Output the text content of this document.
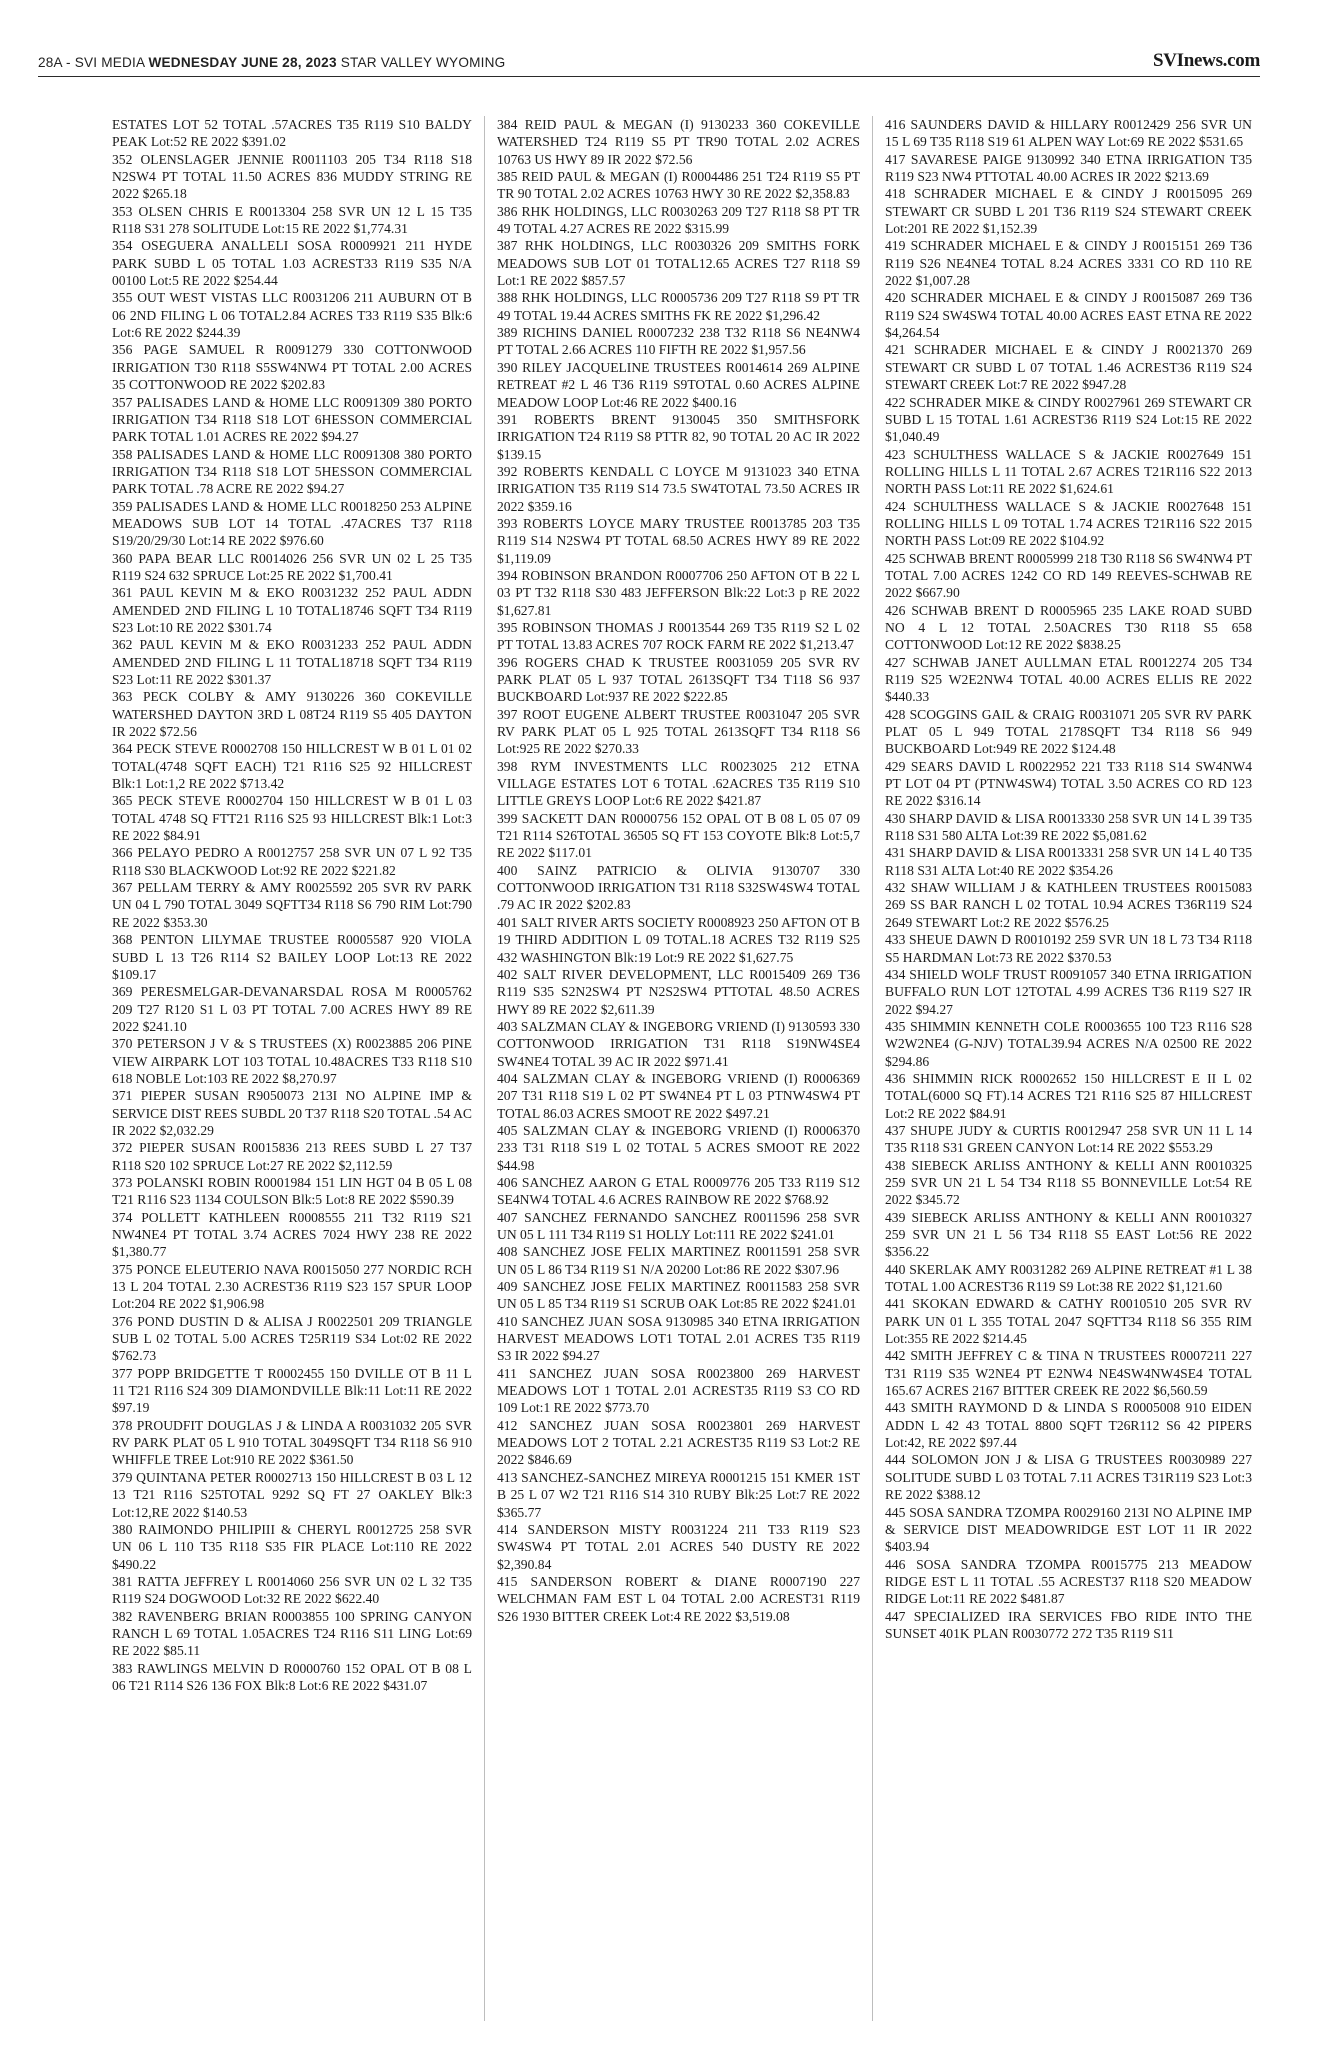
28A - SVI MEDIA WEDNESDAY JUNE 28, 2023 STAR VALLEY WYOMING	SVInews.com

ESTATES LOT 52 TOTAL .57ACRES T35 R119 S10 BALDY PEAK Lot:52 RE 2022 $391.02

352 OLENSLAGER JENNIE R0011103 205 T34 R118 S18 N2SW4 PT TOTAL 11.50 ACRES 836 MUDDY STRING RE 2022 $265.18

353 OLSEN CHRIS E R0013304 258 SVR UN 12 L 15 T35 R118 S31 278 SOLITUDE Lot:15 RE 2022 $1,774.31

354 OSEGUERA ANALLELI SOSA R0009921 211 HYDE PARK SUBD L 05 TOTAL 1.03 ACREST33 R119 S35 N/A 00100 Lot:5 RE 2022 $254.44

355 OUT WEST VISTAS LLC R0031206 211 AUBURN OT B 06 2ND FILING L 06 TOTAL2.84 ACRES T33 R119 S35 Blk:6 Lot:6 RE 2022 $244.39

356 PAGE SAMUEL R R0091279 330 COTTONWOOD IRRIGATION T30 R118 S5SW4NW4 PT TOTAL 2.00 ACRES 35 COTTONWOOD RE 2022 $202.83

357 PALISADES LAND & HOME LLC R0091309 380 PORTO IRRIGATION T34 R118 S18 LOT 6HESSON COMMERCIAL PARK TOTAL 1.01 ACRES RE 2022 $94.27

358 PALISADES LAND & HOME LLC R0091308 380 PORTO IRRIGATION T34 R118 S18 LOT 5HESSON COMMERCIAL PARK TOTAL .78 ACRE RE 2022 $94.27

359 PALISADES LAND & HOME LLC R0018250 253 ALPINE MEADOWS SUB LOT 14 TOTAL .47ACRES T37 R118 S19/20/29/30 Lot:14 RE 2022 $976.60

360 PAPA BEAR LLC R0014026 256 SVR UN 02 L 25 T35 R119 S24 632 SPRUCE Lot:25 RE 2022 $1,700.41

361 PAUL KEVIN M & EKO R0031232 252 PAUL ADDN AMENDED 2ND FILING L 10 TOTAL18746 SQFT T34 R119 S23 Lot:10 RE 2022 $301.74

362 PAUL KEVIN M & EKO R0031233 252 PAUL ADDN AMENDED 2ND FILING L 11 TOTAL18718 SQFT T34 R119 S23 Lot:11 RE 2022 $301.37

363 PECK COLBY & AMY 9130226 360 COKEVILLE WATERSHED DAYTON 3RD L 08T24 R119 S5 405 DAYTON IR 2022 $72.56

364 PECK STEVE R0002708 150 HILLCREST W B 01 L 01 02 TOTAL(4748 SQFT EACH) T21 R116 S25 92 HILLCREST Blk:1 Lot:1,2 RE 2022 $713.42

365 PECK STEVE R0002704 150 HILLCREST W B 01 L 03 TOTAL 4748 SQ FTT21 R116 S25 93 HILLCREST Blk:1 Lot:3 RE 2022 $84.91

366 PELAYO PEDRO A R0012757 258 SVR UN 07 L 92 T35 R118 S30 BLACKWOOD Lot:92 RE 2022 $221.82

367 PELLAM TERRY & AMY R0025592 205 SVR RV PARK UN 04 L 790 TOTAL 3049 SQFTT34 R118 S6 790 RIM Lot:790 RE 2022 $353.30

368 PENTON LILYMAE TRUSTEE R0005587 920 VIOLA SUBD L 13 T26 R114 S2 BAILEY LOOP Lot:13 RE 2022 $109.17

369 PERESMELGAR-DEVANARSDAL ROSA M R0005762 209 T27 R120 S1 L 03 PT TOTAL 7.00 ACRES HWY 89 RE 2022 $241.10

370 PETERSON J V & S TRUSTEES (X) R0023885 206 PINE VIEW AIRPARK LOT 103 TOTAL 10.48ACRES T33 R118 S10 618 NOBLE Lot:103 RE 2022 $8,270.97

371 PIEPER SUSAN R9050073 213I NO ALPINE IMP & SERVICE DIST REES SUBDL 20 T37 R118 S20 TOTAL .54 AC IR 2022 $2,032.29

372 PIEPER SUSAN R0015836 213 REES SUBD L 27 T37 R118 S20 102 SPRUCE Lot:27 RE 2022 $2,112.59

373 POLANSKI ROBIN R0001984 151 LIN HGT 04 B 05 L 08 T21 R116 S23 1134 COULSON Blk:5 Lot:8 RE 2022 $590.39

374 POLLETT KATHLEEN R0008555 211 T32 R119 S21 NW4NE4 PT TOTAL 3.74 ACRES 7024 HWY 238 RE 2022 $1,380.77

375 PONCE ELEUTERIO NAVA R0015050 277 NORDIC RCH 13 L 204 TOTAL 2.30 ACREST36 R119 S23 157 SPUR LOOP Lot:204 RE 2022 $1,906.98

376 POND DUSTIN D & ALISA J R0022501 209 TRIANGLE SUB L 02 TOTAL 5.00 ACRES T25R119 S34 Lot:02 RE 2022 $762.73

377 POPP BRIDGETTE T R0002455 150 DVILLE OT B 11 L 11 T21 R116 S24 309 DIAMONDVILLE Blk:11 Lot:11 RE 2022 $97.19

378 PROUDFIT DOUGLAS J & LINDA A R0031032 205 SVR RV PARK PLAT 05 L 910 TOTAL 3049SQFT T34 R118 S6 910 WHIFFLE TREE Lot:910 RE 2022 $361.50

379 QUINTANA PETER R0002713 150 HILLCREST B 03 L 12 13 T21 R116 S25TOTAL 9292 SQ FT 27 OAKLEY Blk:3 Lot:12,RE 2022 $140.53

380 RAIMONDO PHILIPIII & CHERYL R0012725 258 SVR UN 06 L 110 T35 R118 S35 FIR PLACE Lot:110 RE 2022 $490.22

381 RATTA JEFFREY L R0014060 256 SVR UN 02 L 32 T35 R119 S24 DOGWOOD Lot:32 RE 2022 $622.40

382 RAVENBERG BRIAN R0003855 100 SPRING CANYON RANCH L 69 TOTAL 1.05ACRES T24 R116 S11 LING Lot:69 RE 2022 $85.11

383 RAWLINGS MELVIN D R0000760 152 OPAL OT B 08 L 06 T21 R114 S26 136 FOX Blk:8 Lot:6 RE 2022 $431.07

384 REID PAUL & MEGAN (I) 9130233 360 COKEVILLE WATERSHED T24 R119 S5 PT TR90 TOTAL 2.02 ACRES 10763 US HWY 89 IR 2022 $72.56

385 REID PAUL & MEGAN (I) R0004486 251 T24 R119 S5 PT TR 90 TOTAL 2.02 ACRES 10763 HWY 30 RE 2022 $2,358.83

386 RHK HOLDINGS, LLC R0030263 209 T27 R118 S8 PT TR 49 TOTAL 4.27 ACRES RE 2022 $315.99

387 RHK HOLDINGS, LLC R0030326 209 SMITHS FORK MEADOWS SUB LOT 01 TOTAL12.65 ACRES T27 R118 S9 Lot:1 RE 2022 $857.57

388 RHK HOLDINGS, LLC R0005736 209 T27 R118 S9 PT TR 49 TOTAL 19.44 ACRES SMITHS FK RE 2022 $1,296.42

389 RICHINS DANIEL R0007232 238 T32 R118 S6 NE4NW4 PT TOTAL 2.66 ACRES 110 FIFTH RE 2022 $1,957.56

390 RILEY JACQUELINE TRUSTEES R0014614 269 ALPINE RETREAT #2 L 46 T36 R119 S9TOTAL 0.60 ACRES ALPINE MEADOW LOOP Lot:46 RE 2022 $400.16

391 ROBERTS BRENT 9130045 350 SMITHSFORK IRRIGATION T24 R119 S8 PTTR 82, 90 TOTAL 20 AC IR 2022 $139.15

392 ROBERTS KENDALL C LOYCE M 9131023 340 ETNA IRRIGATION T35 R119 S14 73.5 SW4TOTAL 73.50 ACRES IR 2022 $359.16

393 ROBERTS LOYCE MARY TRUSTEE R0013785 203 T35 R119 S14 N2SW4 PT TOTAL 68.50 ACRES HWY 89 RE 2022 $1,119.09

394 ROBINSON BRANDON R0007706 250 AFTON OT B 22 L 03 PT T32 R118 S30 483 JEFFERSON Blk:22 Lot:3 p RE 2022 $1,627.81

395 ROBINSON THOMAS J R0013544 269 T35 R119 S2 L 02 PT TOTAL 13.83 ACRES 707 ROCK FARM RE 2022 $1,213.47

396 ROGERS CHAD K TRUSTEE R0031059 205 SVR RV PARK PLAT 05 L 937 TOTAL 2613SQFT T34 T118 S6 937 BUCKBOARD Lot:937 RE 2022 $222.85

397 ROOT EUGENE ALBERT TRUSTEE R0031047 205 SVR RV PARK PLAT 05 L 925 TOTAL 2613SQFT T34 R118 S6 Lot:925 RE 2022 $270.33

398 RYM INVESTMENTS LLC R0023025 212 ETNA VILLAGE ESTATES LOT 6 TOTAL .62ACRES T35 R119 S10 LITTLE GREYS LOOP Lot:6 RE 2022 $421.87

399 SACKETT DAN R0000756 152 OPAL OT B 08 L 05 07 09 T21 R114 S26TOTAL 36505 SQ FT 153 COYOTE Blk:8 Lot:5,7 RE 2022 $117.01

400 SAINZ PATRICIO & OLIVIA 9130707 330 COTTONWOOD IRRIGATION T31 R118 S32SW4SW4 TOTAL .79 AC IR 2022 $202.83

401 SALT RIVER ARTS SOCIETY R0008923 250 AFTON OT B 19 THIRD ADDITION L 09 TOTAL.18 ACRES T32 R119 S25 432 WASHINGTON Blk:19 Lot:9 RE 2022 $1,627.75

402 SALT RIVER DEVELOPMENT, LLC R0015409 269 T36 R119 S35 S2N2SW4 PT N2S2SW4 PTTOTAL 48.50 ACRES HWY 89 RE 2022 $2,611.39

403 SALZMAN CLAY & INGEBORG VRIEND (I) 9130593 330 COTTONWOOD IRRIGATION T31 R118 S19NW4SE4 SW4NE4 TOTAL 39 AC IR 2022 $971.41

404 SALZMAN CLAY & INGEBORG VRIEND (I) R0006369 207 T31 R118 S19 L 02 PT SW4NE4 PT L 03 PTNW4SW4 PT TOTAL 86.03 ACRES SMOOT RE 2022 $497.21

405 SALZMAN CLAY & INGEBORG VRIEND (I) R0006370 233 T31 R118 S19 L 02 TOTAL 5 ACRES SMOOT RE 2022 $44.98

406 SANCHEZ AARON G ETAL R0009776 205 T33 R119 S12 SE4NW4 TOTAL 4.6 ACRES RAINBOW RE 2022 $768.92

407 SANCHEZ FERNANDO SANCHEZ R0011596 258 SVR UN 05 L 111 T34 R119 S1 HOLLY Lot:111 RE 2022 $241.01

408 SANCHEZ JOSE FELIX MARTINEZ R0011591 258 SVR UN 05 L 86 T34 R119 S1 N/A 20200 Lot:86 RE 2022 $307.96

409 SANCHEZ JOSE FELIX MARTINEZ R0011583 258 SVR UN 05 L 85 T34 R119 S1 SCRUB OAK Lot:85 RE 2022 $241.01

410 SANCHEZ JUAN SOSA 9130985 340 ETNA IRRIGATION HARVEST MEADOWS LOT1 TOTAL 2.01 ACRES T35 R119 S3 IR 2022 $94.27

411 SANCHEZ JUAN SOSA R0023800 269 HARVEST MEADOWS LOT 1 TOTAL 2.01 ACREST35 R119 S3 CO RD 109 Lot:1 RE 2022 $773.70

412 SANCHEZ JUAN SOSA R0023801 269 HARVEST MEADOWS LOT 2 TOTAL 2.21 ACREST35 R119 S3 Lot:2 RE 2022 $846.69

413 SANCHEZ-SANCHEZ MIREYA R0001215 151 KMER 1ST B 25 L 07 W2 T21 R116 S14 310 RUBY Blk:25 Lot:7 RE 2022 $365.77

414 SANDERSON MISTY R0031224 211 T33 R119 S23 SW4SW4 PT TOTAL 2.01 ACRES 540 DUSTY RE 2022 $2,390.84

415 SANDERSON ROBERT & DIANE R0007190 227 WELCHMAN FAM EST L 04 TOTAL 2.00 ACREST31 R119 S26 1930 BITTER CREEK Lot:4 RE 2022 $3,519.08

416 SAUNDERS DAVID & HILLARY R0012429 256 SVR UN 15 L 69 T35 R118 S19 61 ALPEN WAY Lot:69 RE 2022 $531.65

417 SAVARESE PAIGE 9130992 340 ETNA IRRIGATION T35 R119 S23 NW4 PTTOTAL 40.00 ACRES IR 2022 $213.69

418 SCHRADER MICHAEL E & CINDY J R0015095 269 STEWART CR SUBD L 201 T36 R119 S24 STEWART CREEK Lot:201 RE 2022 $1,152.39

419 SCHRADER MICHAEL E & CINDY J R0015151 269 T36 R119 S26 NE4NE4 TOTAL 8.24 ACRES 3331 CO RD 110 RE 2022 $1,007.28

420 SCHRADER MICHAEL E & CINDY J R0015087 269 T36 R119 S24 SW4SW4 TOTAL 40.00 ACRES EAST ETNA RE 2022 $4,264.54

421 SCHRADER MICHAEL E & CINDY J R0021370 269 STEWART CR SUBD L 07 TOTAL 1.46 ACREST36 R119 S24 STEWART CREEK Lot:7 RE 2022 $947.28

422 SCHRADER MIKE & CINDY R0027961 269 STEWART CR SUBD L 15 TOTAL 1.61 ACREST36 R119 S24 Lot:15 RE 2022 $1,040.49

423 SCHULTHESS WALLACE S & JACKIE R0027649 151 ROLLING HILLS L 11 TOTAL 2.67 ACRES T21R116 S22 2013 NORTH PASS Lot:11 RE 2022 $1,624.61

424 SCHULTHESS WALLACE S & JACKIE R0027648 151 ROLLING HILLS L 09 TOTAL 1.74 ACRES T21R116 S22 2015 NORTH PASS Lot:09 RE 2022 $104.92

425 SCHWAB BRENT R0005999 218 T30 R118 S6 SW4NW4 PT TOTAL 7.00 ACRES 1242 CO RD 149 REEVES-SCHWAB RE 2022 $667.90

426 SCHWAB BRENT D R0005965 235 LAKE ROAD SUBD NO 4 L 12 TOTAL 2.50ACRES T30 R118 S5 658 COTTONWOOD Lot:12 RE 2022 $838.25

427 SCHWAB JANET AULLMAN ETAL R0012274 205 T34 R119 S25 W2E2NW4 TOTAL 40.00 ACRES ELLIS RE 2022 $440.33

428 SCOGGINS GAIL & CRAIG R0031071 205 SVR RV PARK PLAT 05 L 949 TOTAL 2178SQFT T34 R118 S6 949 BUCKBOARD Lot:949 RE 2022 $124.48

429 SEARS DAVID L R0022952 221 T33 R118 S14 SW4NW4 PT LOT 04 PT (PTNW4SW4) TOTAL 3.50 ACRES CO RD 123 RE 2022 $316.14

430 SHARP DAVID & LISA R0013330 258 SVR UN 14 L 39 T35 R118 S31 580 ALTA Lot:39 RE 2022 $5,081.62

431 SHARP DAVID & LISA R0013331 258 SVR UN 14 L 40 T35 R118 S31 ALTA Lot:40 RE 2022 $354.26

432 SHAW WILLIAM J & KATHLEEN TRUSTEES R0015083 269 SS BAR RANCH L 02 TOTAL 10.94 ACRES T36R119 S24 2649 STEWART Lot:2 RE 2022 $576.25

433 SHEUE DAWN D R0010192 259 SVR UN 18 L 73 T34 R118 S5 HARDMAN Lot:73 RE 2022 $370.53

434 SHIELD WOLF TRUST R0091057 340 ETNA IRRIGATION BUFFALO RUN LOT 12TOTAL 4.99 ACRES T36 R119 S27 IR 2022 $94.27

435 SHIMMIN KENNETH COLE R0003655 100 T23 R116 S28 W2W2NE4 (G-NJV) TOTAL39.94 ACRES N/A 02500 RE 2022 $294.86

436 SHIMMIN RICK R0002652 150 HILLCREST E II L 02 TOTAL(6000 SQ FT).14 ACRES T21 R116 S25 87 HILLCREST Lot:2 RE 2022 $84.91

437 SHUPE JUDY & CURTIS R0012947 258 SVR UN 11 L 14 T35 R118 S31 GREEN CANYON Lot:14 RE 2022 $553.29

438 SIEBECK ARLISS ANTHONY & KELLI ANN R0010325 259 SVR UN 21 L 54 T34 R118 S5 BONNEVILLE Lot:54 RE 2022 $345.72

439 SIEBECK ARLISS ANTHONY & KELLI ANN R0010327 259 SVR UN 21 L 56 T34 R118 S5 EAST Lot:56 RE 2022 $356.22

440 SKERLAK AMY R0031282 269 ALPINE RETREAT #1 L 38 TOTAL 1.00 ACREST36 R119 S9 Lot:38 RE 2022 $1,121.60

441 SKOKAN EDWARD & CATHY R0010510 205 SVR RV PARK UN 01 L 355 TOTAL 2047 SQFTT34 R118 S6 355 RIM Lot:355 RE 2022 $214.45

442 SMITH JEFFREY C & TINA N TRUSTEES R0007211 227 T31 R119 S35 W2NE4 PT E2NW4 NE4SW4NW4SE4 TOTAL 165.67 ACRES 2167 BITTER CREEK RE 2022 $6,560.59

443 SMITH RAYMOND D & LINDA S R0005008 910 EIDEN ADDN L 42 43 TOTAL 8800 SQFT T26R112 S6 42 PIPERS Lot:42, RE 2022 $97.44

444 SOLOMON JON J & LISA G TRUSTEES R0030989 227 SOLITUDE SUBD L 03 TOTAL 7.11 ACRES T31R119 S23 Lot:3 RE 2022 $388.12

445 SOSA SANDRA TZOMPA R0029160 213I NO ALPINE IMP & SERVICE DIST MEADOWRIDGE EST LOT 11 IR 2022 $403.94

446 SOSA SANDRA TZOMPA R0015775 213 MEADOW RIDGE EST L 11 TOTAL .55 ACREST37 R118 S20 MEADOW RIDGE Lot:11 RE 2022 $481.87

447 SPECIALIZED IRA SERVICES FBO RIDE INTO THE SUNSET 401K PLAN R0030772 272 T35 R119 S11
